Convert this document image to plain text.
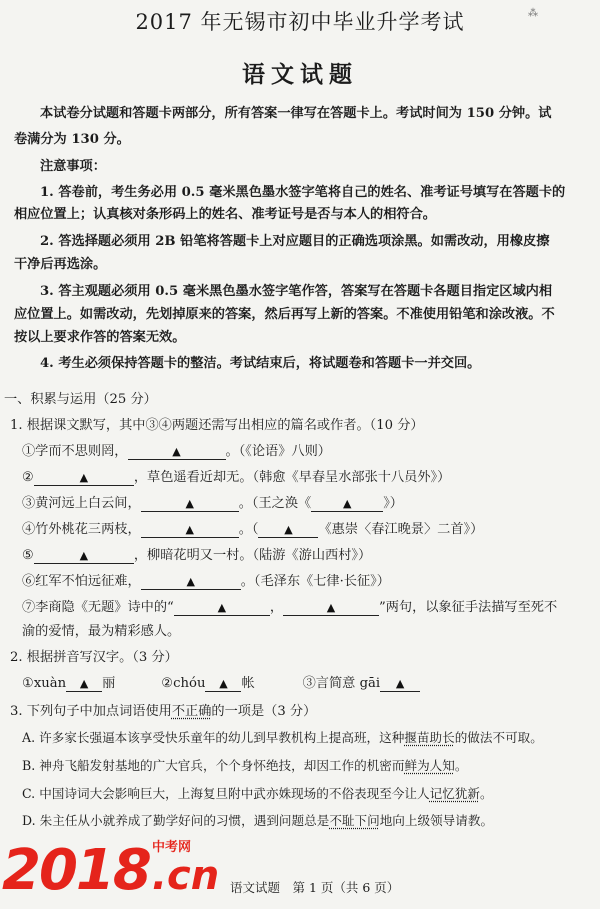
2017 年无锡市初中毕业升学考试	⁂
语文试题
本试卷分试题和答题卡两部分，所有答案一律写在答题卡上。考试时间为 150 分钟。试
卷满分为 130 分。
注意事项：
1. 答卷前，考生务必用 0.5 毫米黑色墨水签字笔将自己的姓名、准考证号填写在答题卡的
相应位置上；认真核对条形码上的姓名、准考证号是否与本人的相符合。
2. 答选择题必须用 2B 铅笔将答题卡上对应题目的正确选项涂黑。如需改动，用橡皮擦
干净后再选涂。
3. 答主观题必须用 0.5 毫米黑色墨水签字笔作答，答案写在答题卡各题目指定区域内相
应位置上。如需改动，先划掉原来的答案，然后再写上新的答案。不准使用铅笔和涂改液。不
按以上要求作答的答案无效。
4. 考生必须保持答题卡的整洁。考试结束后，将试题卷和答题卡一并交回。
一、积累与运用（25 分）
1. 根据课文默写，其中③④两题还需写出相应的篇名或作者。（10 分）
①学而不思则罔，	▲	。（《论语》八则）
②	▲	，草色遥看近却无。（韩愈《早春呈水部张十八员外》）
③黄河远上白云间，	▲	。（王之涣《	▲ 》）
④竹外桃花三两枝，	▲	。（ ▲ 《惠崇〈春江晚景〉二首》）
⑤	▲	，柳暗花明又一村。（陆游《游山西村》）
⑥红军不怕远征难，	▲	。（毛泽东《七律·长征》）
⑦李商隐《无题》诗中的“	▲	，	▲	”两句，以象征手法描写至死不
渝的爱情，最为精彩感人。
2. 根据拼音写汉字。（3 分）
①xuàn ▲ 丽	②chóu ▲ 帐	③言简意 gāi ▲
3. 下列句子中加点词语使用不正确的一项是（3 分）
A. 许多家长强逼本该享受快乐童年的幼儿到早教机构上提高班，这种揠苗助长的做法不可取。
B. 神舟飞船发射基地的广大官兵，个个身怀绝技，却因工作的机密而鲜为人知。
C. 中国诗词大会影响巨大，上海复旦附中武亦姝现场的不俗表现至今让人记忆犹新。
D. 朱主任从小就养成了勤学好问的习惯，遇到问题总是不耻下问地向上级领导请教。
2018.cn
中考网
语文试题　第 1 页（共 6 页）
